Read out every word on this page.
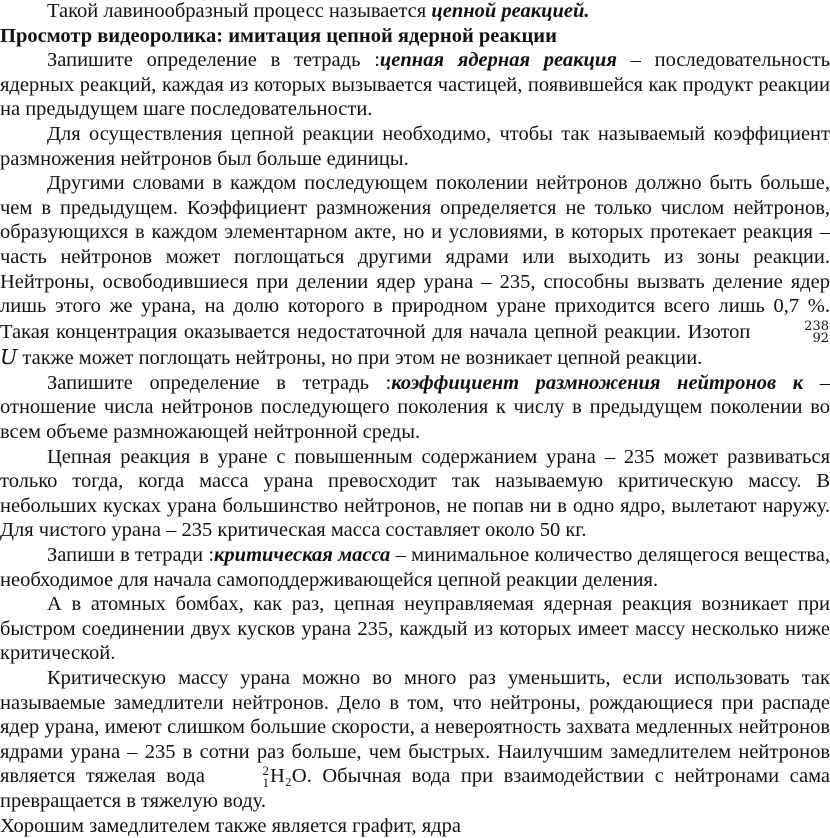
Такой лавинообразный процесс называется цепной реакцией.

Просмотр видеоролика: имитация цепной ядерной реакции

Запишите определение в тетрадь :цепная ядерная реакция – последовательность ядерных реакций, каждая из которых вызывается частицей, появившейся как продукт реакции на предыдущем шаге последовательности.

Для осуществления цепной реакции необходимо, чтобы так называемый коэффициент размножения нейтронов был больше единицы.

Другими словами в каждом последующем поколении нейтронов должно быть больше, чем в предыдущем. Коэффициент размножения определяется не только числом нейтронов, образующихся в каждом элементарном акте, но и условиями, в которых протекает реакция – часть нейтронов может поглощаться другими ядрами или выходить из зоны реакции. Нейтроны, освободившиеся при делении ядер урана – 235, способны вызвать деление ядер лишь этого же урана, на долю которого в природном уране приходится всего лишь 0,7 %. Такая концентрация оказывается недостаточной для начала цепной реакции. Изотоп	238
92
U также может поглощать нейтроны, но при этом не возникает цепной реакции.

Запишите определение в тетрадь :коэффициент размножения нейтронов к – отношение числа нейтронов последующего поколения к числу в предыдущем поколении во всем объеме размножающей нейтронной среды.

Цепная реакция в уране с повышенным содержанием урана – 235 может развиваться только тогда, когда масса урана превосходит так называемую критическую массу. В небольших кусках урана большинство нейтронов, не попав ни в одно ядро, вылетают наружу. Для чистого урана – 235 критическая масса составляет около 50 кг.

Запиши в тетради :критическая масса – минимальное количество делящегося вещества, необходимое для начала самоподдерживающейся цепной реакции деления.

А в атомных бомбах, как раз, цепная неуправляемая ядерная реакция возникает при быстром соединении двух кусков урана 235, каждый из которых имеет массу несколько ниже критической.

Критическую массу урана можно во много раз уменьшить, если использовать так называемые замедлители нейтронов. Дело в том, что нейтроны, рождающиеся при распаде ядер урана, имеют слишком большие скорости, а невероятность захвата медленных нейтронов ядрами урана – 235 в сотни раз больше, чем быстрых. Наилучшим замедлителем нейтронов является тяжелая вода	2
1 H₂O. Обычная вода при взаимодействии с нейтронами сама превращается в тяжелую воду.

Хорошим замедлителем также является графит, ядра
